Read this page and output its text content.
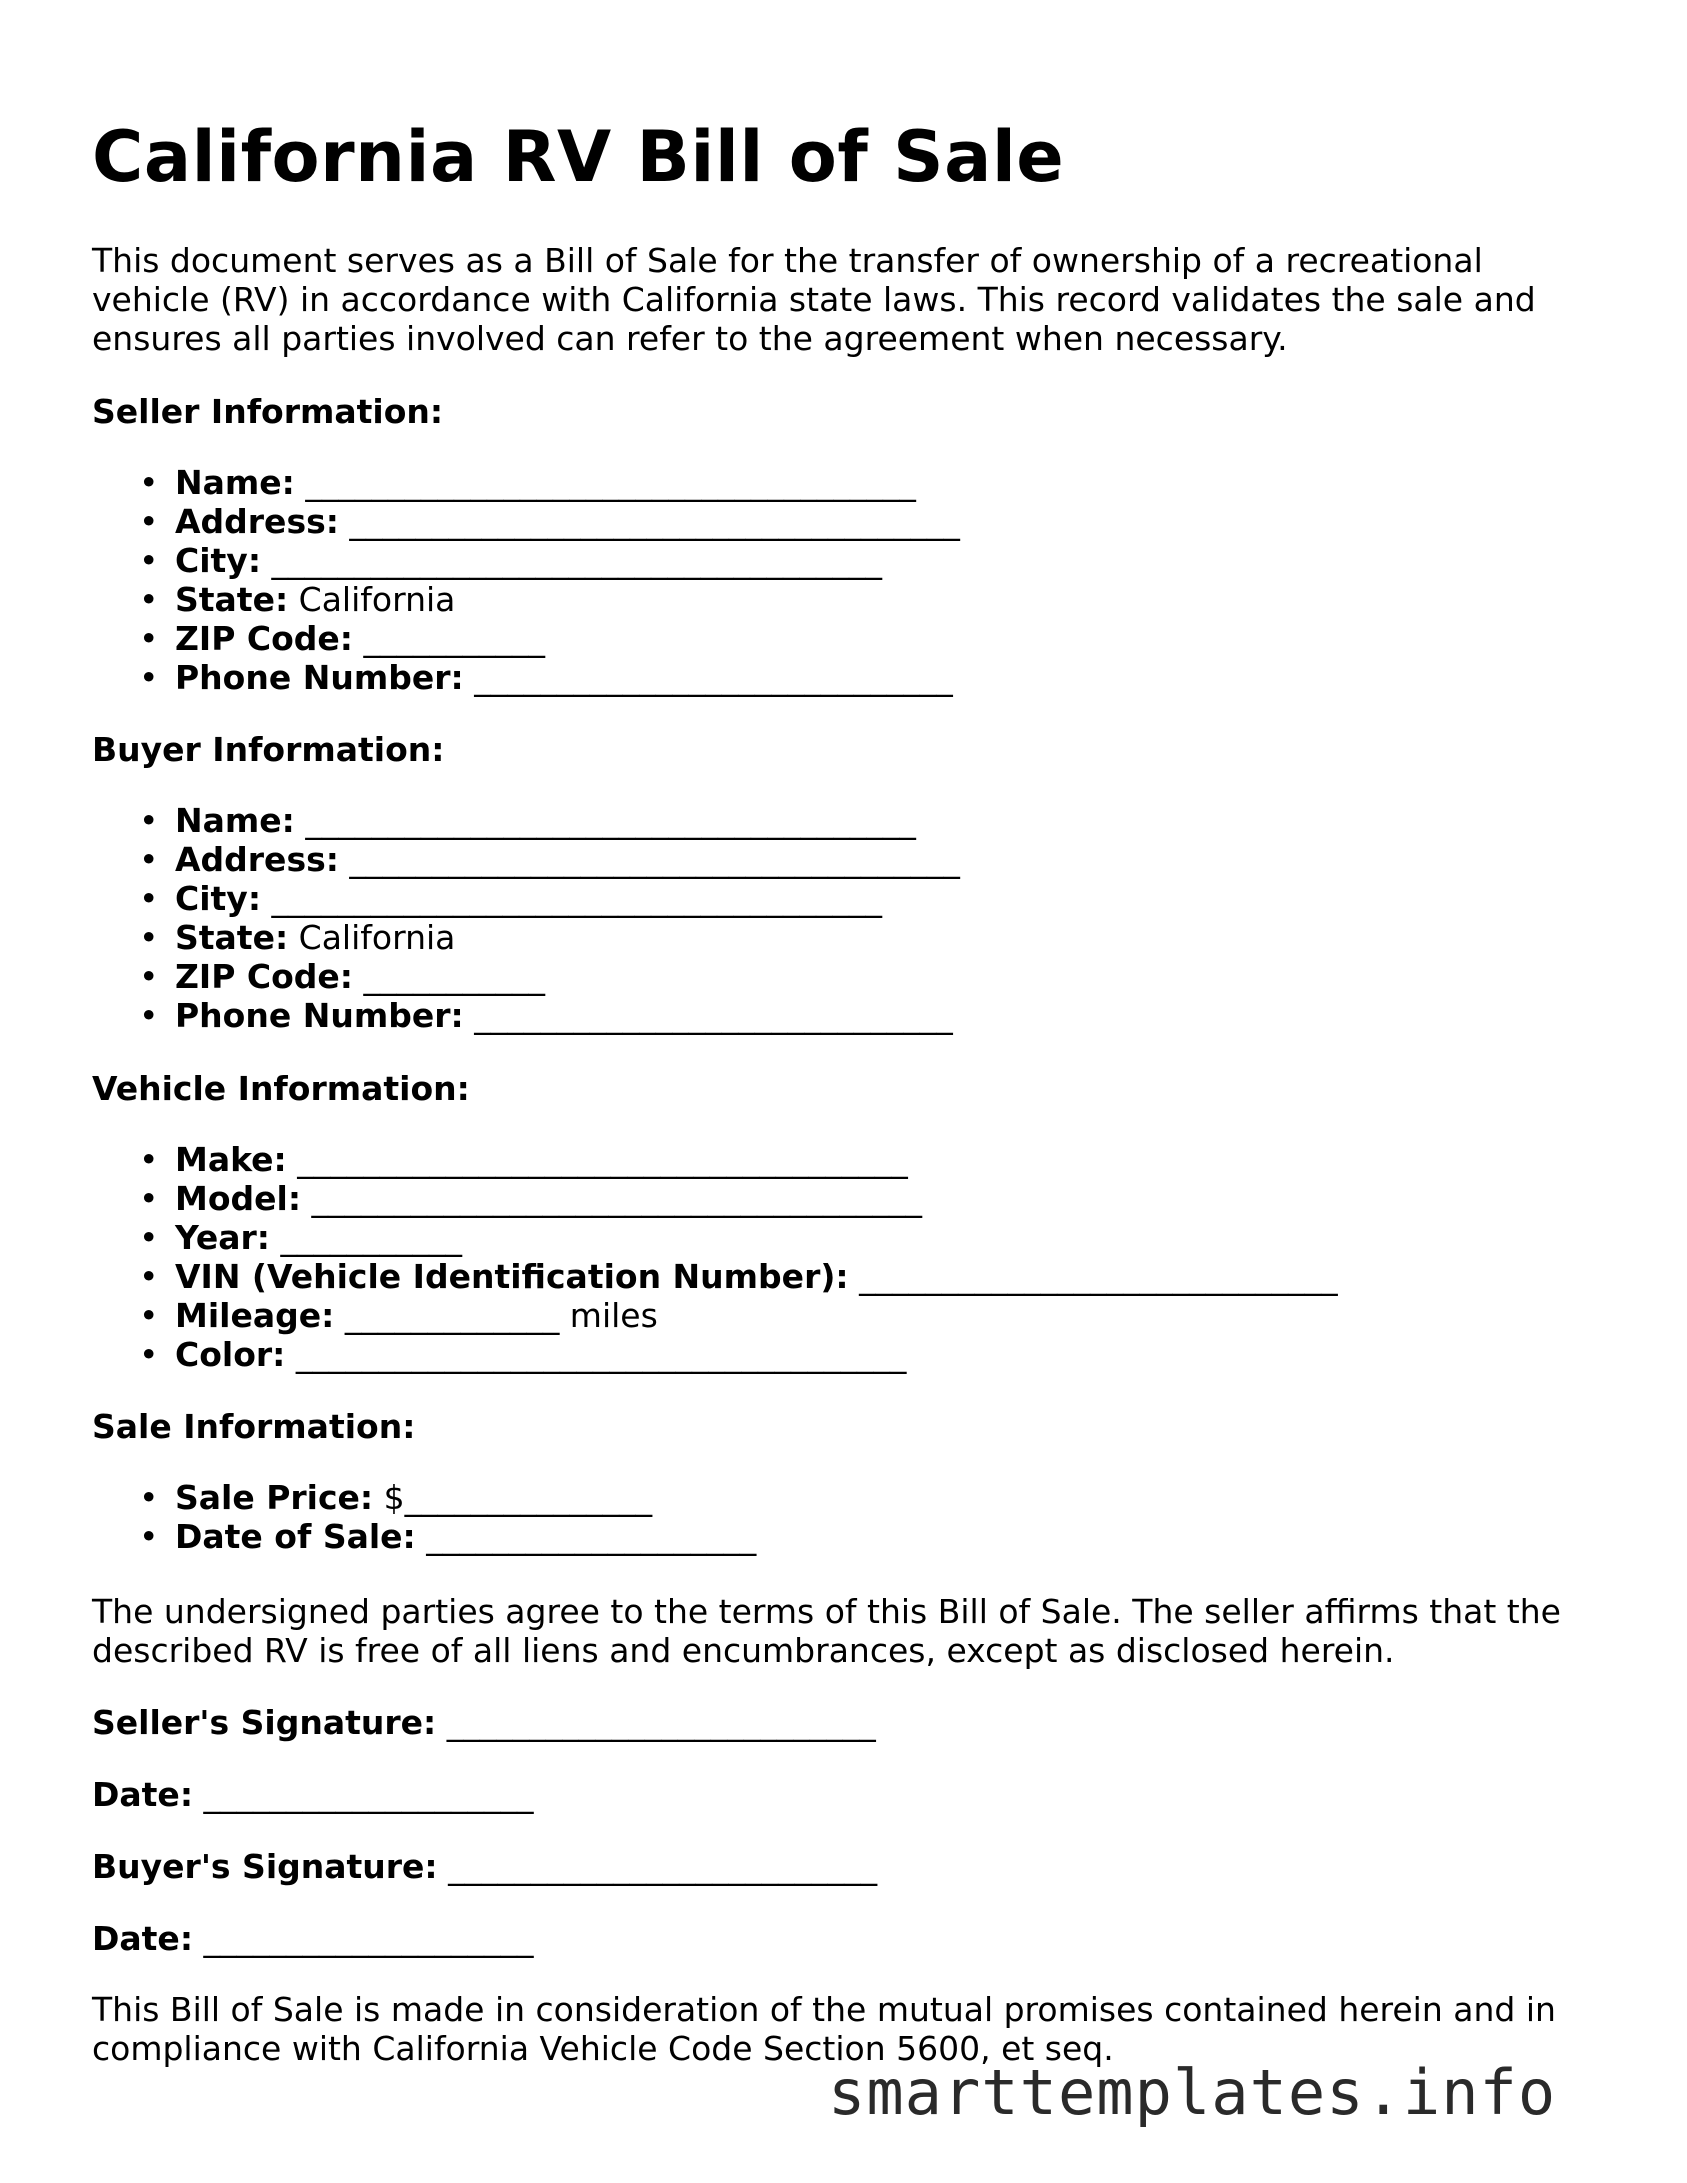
California RV Bill of Sale

This document serves as a Bill of Sale for the transfer of ownership of a recreational vehicle (RV) in accordance with California state laws. This record validates the sale and ensures all parties involved can refer to the agreement when necessary.

Seller Information:
• Name: _____________________________________
• Address: _____________________________________
• City: _____________________________________
• State: California
• ZIP Code: ___________
• Phone Number: _____________________________
Buyer Information:
• Name: _____________________________________
• Address: _____________________________________
• City: _____________________________________
• State: California
• ZIP Code: ___________
• Phone Number: _____________________________
Vehicle Information:
• Make: _____________________________________
• Model: _____________________________________
• Year: ___________
• VIN (Vehicle Identification Number): _____________________________
• Mileage: _____________ miles
• Color: _____________________________________
Sale Information:
• Sale Price: $_______________
• Date of Sale: ____________________

The undersigned parties agree to the terms of this Bill of Sale. The seller affirms that the described RV is free of all liens and encumbrances, except as disclosed herein.

Seller's Signature: __________________________
Date: ____________________
Buyer's Signature: __________________________
Date: ____________________

This Bill of Sale is made in consideration of the mutual promises contained herein and in compliance with California Vehicle Code Section 5600, et seq.

smarttemplates.info
